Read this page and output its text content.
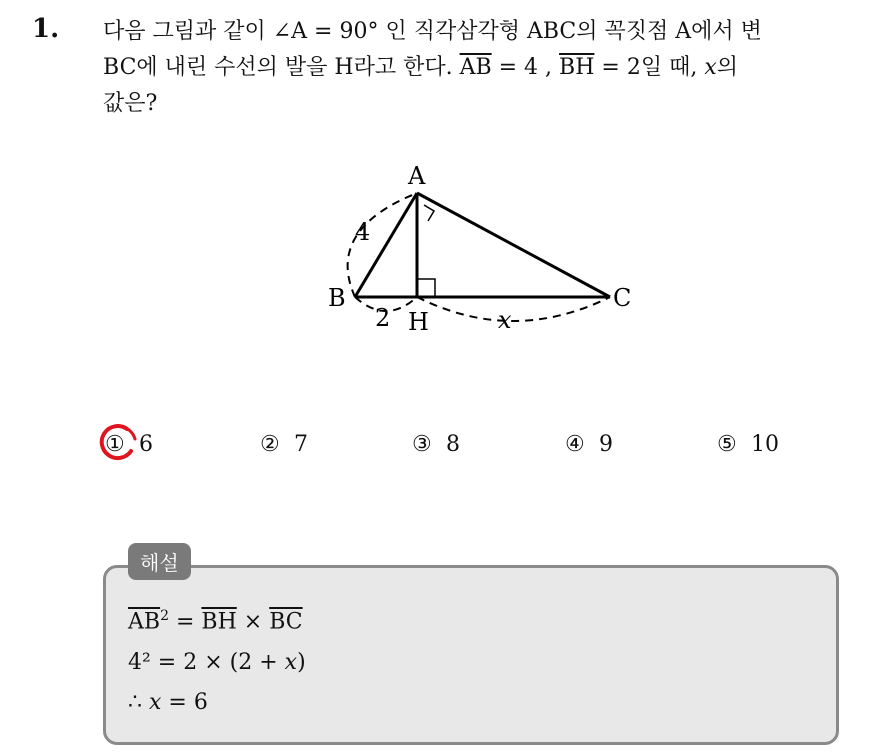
1. 다음 그림과 같이 ∠A = 90° 인 직각삼각형 ABC의 꼭짓점 A에서 변
BC에 내린 수선의 발을 H라고 한다. $\overline{AB} = 4$ , $\overline{BH} = 2$일 때, x의
값은?
A
B	C
H
4
2	x
① 6	② 7	③ 8	④ 9	⑤ 10
해설
$\overline{AB}^2 = \overline{BH} \times \overline{BC}$
4² = 2 × (2 + x)
∴ x = 6
